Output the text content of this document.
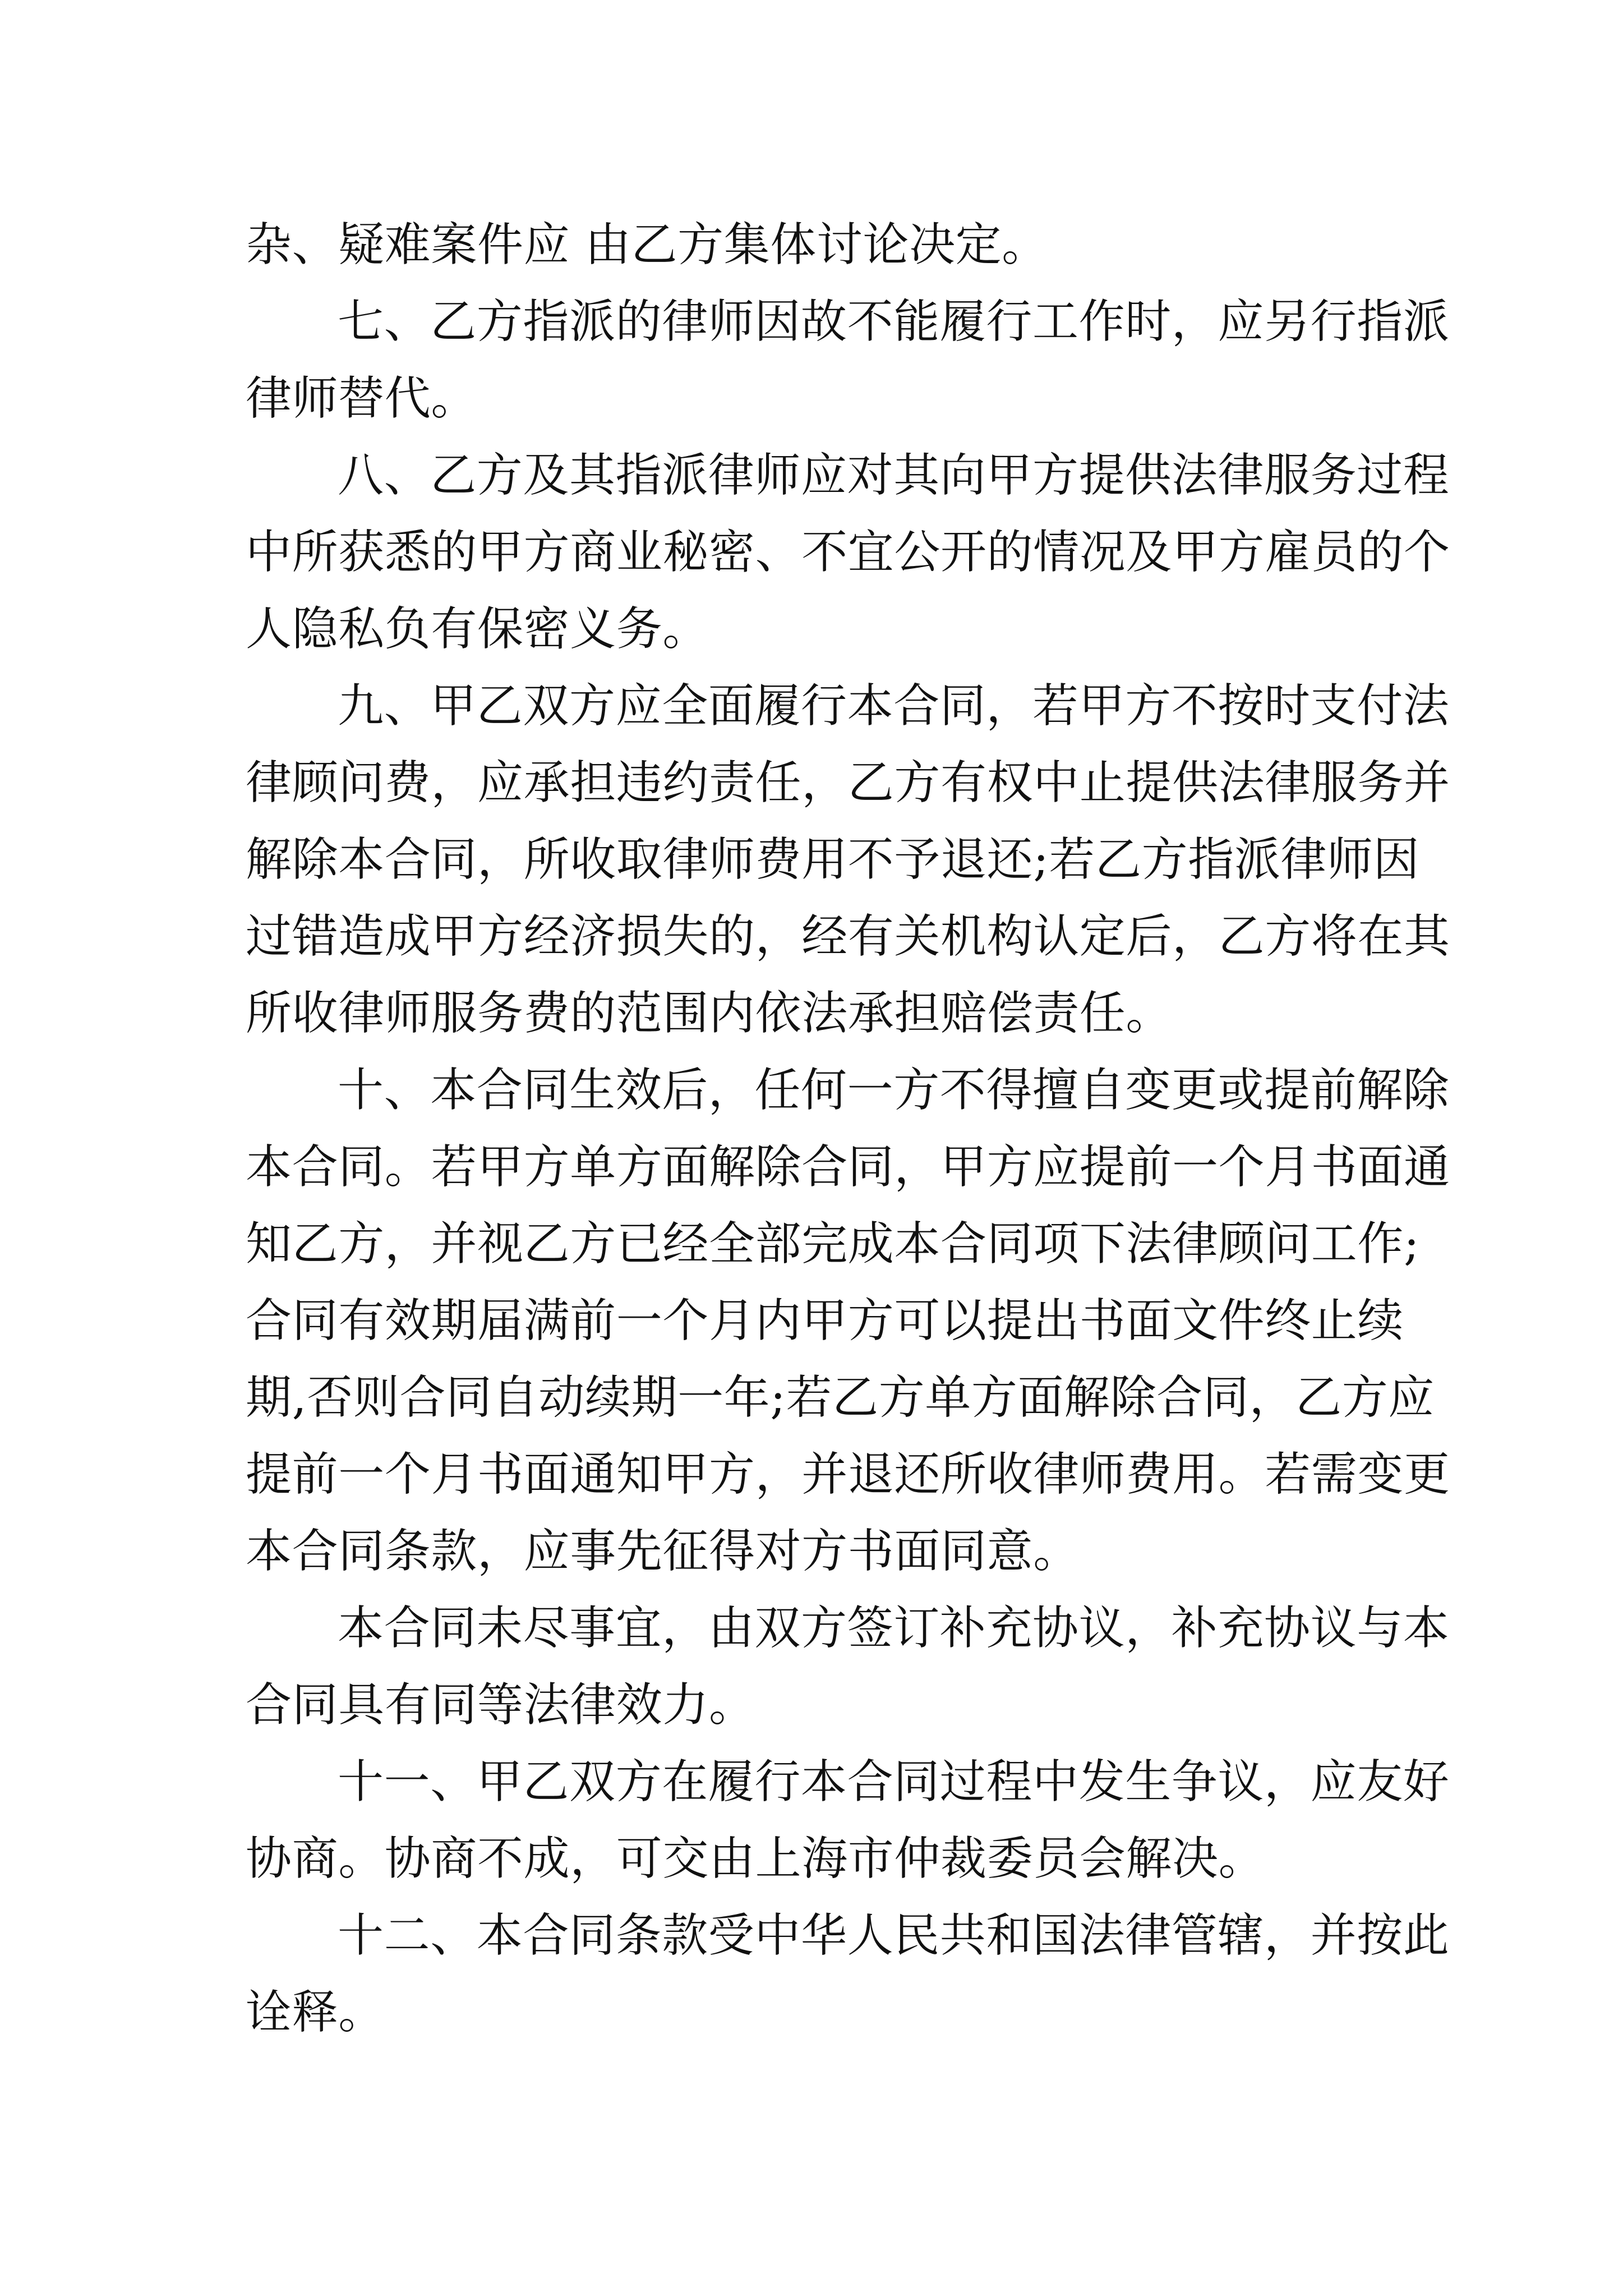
杂、疑难案件应 由乙方集体讨论决定。
七、乙方指派的律师因故不能履行工作时，应另行指派
律师替代。
八、乙方及其指派律师应对其向甲方提供法律服务过程
中所获悉的甲方商业秘密、不宜公开的情况及甲方雇员的个
人隐私负有保密义务。
九、甲乙双方应全面履行本合同，若甲方不按时支付法
律顾问费，应承担违约责任，乙方有权中止提供法律服务并
解除本合同，所收取律师费用不予退还;若乙方指派律师因
过错造成甲方经济损失的，经有关机构认定后，乙方将在其
所收律师服务费的范围内依法承担赔偿责任。
十、本合同生效后，任何一方不得擅自变更或提前解除
本合同。若甲方单方面解除合同，甲方应提前一个月书面通
知乙方，并视乙方已经全部完成本合同项下法律顾问工作;
合同有效期届满前一个月内甲方可以提出书面文件终止续
期,否则合同自动续期一年;若乙方单方面解除合同，乙方应
提前一个月书面通知甲方，并退还所收律师费用。若需变更
本合同条款，应事先征得对方书面同意。
本合同未尽事宜，由双方签订补充协议，补充协议与本
合同具有同等法律效力。
十一、甲乙双方在履行本合同过程中发生争议，应友好
协商。协商不成，可交由上海市仲裁委员会解决。
十二、本合同条款受中华人民共和国法律管辖，并按此
诠释。
